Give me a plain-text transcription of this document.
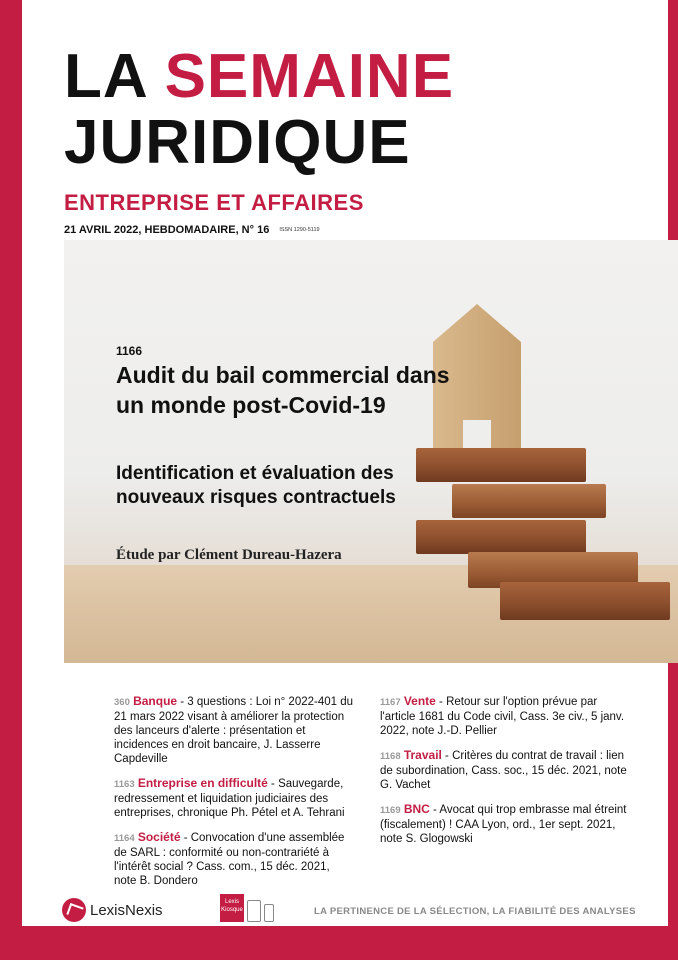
LA SEMAINE
JURIDIQUE
ENTREPRISE ET AFFAIRES
21 AVRIL 2022, HEBDOMADAIRE, N° 16 ISSN 1290-5119
1166
Audit du bail commercial dans un monde post-Covid-19
Identification et évaluation des nouveaux risques contractuels
Étude par Clément Dureau-Hazera
360 Banque - 3 questions : Loi n° 2022-401 du 21 mars 2022 visant à améliorer la protection des lanceurs d'alerte : présentation et incidences en droit bancaire, J. Lasserre Capdeville
1163 Entreprise en difficulté - Sauvegarde, redressement et liquidation judiciaires des entreprises, chronique Ph. Pétel et A. Tehrani
1164 Société - Convocation d'une assemblée de SARL : conformité ou non-contrariété à l'intérêt social ? Cass. com., 15 déc. 2021, note B. Dondero
1167 Vente - Retour sur l'option prévue par l'article 1681 du Code civil, Cass. 3e civ., 5 janv. 2022, note J.-D. Pellier
1168 Travail - Critères du contrat de travail : lien de subordination, Cass. soc., 15 déc. 2021, note G. Vachet
1169 BNC - Avocat qui trop embrasse mal étreint (fiscalement) ! CAA Lyon, ord., 1er sept. 2021, note S. Glogowski
LexisNexis	Lexis Kiosque	LA PERTINENCE DE LA SÉLECTION, LA FIABILITÉ DES ANALYSES
